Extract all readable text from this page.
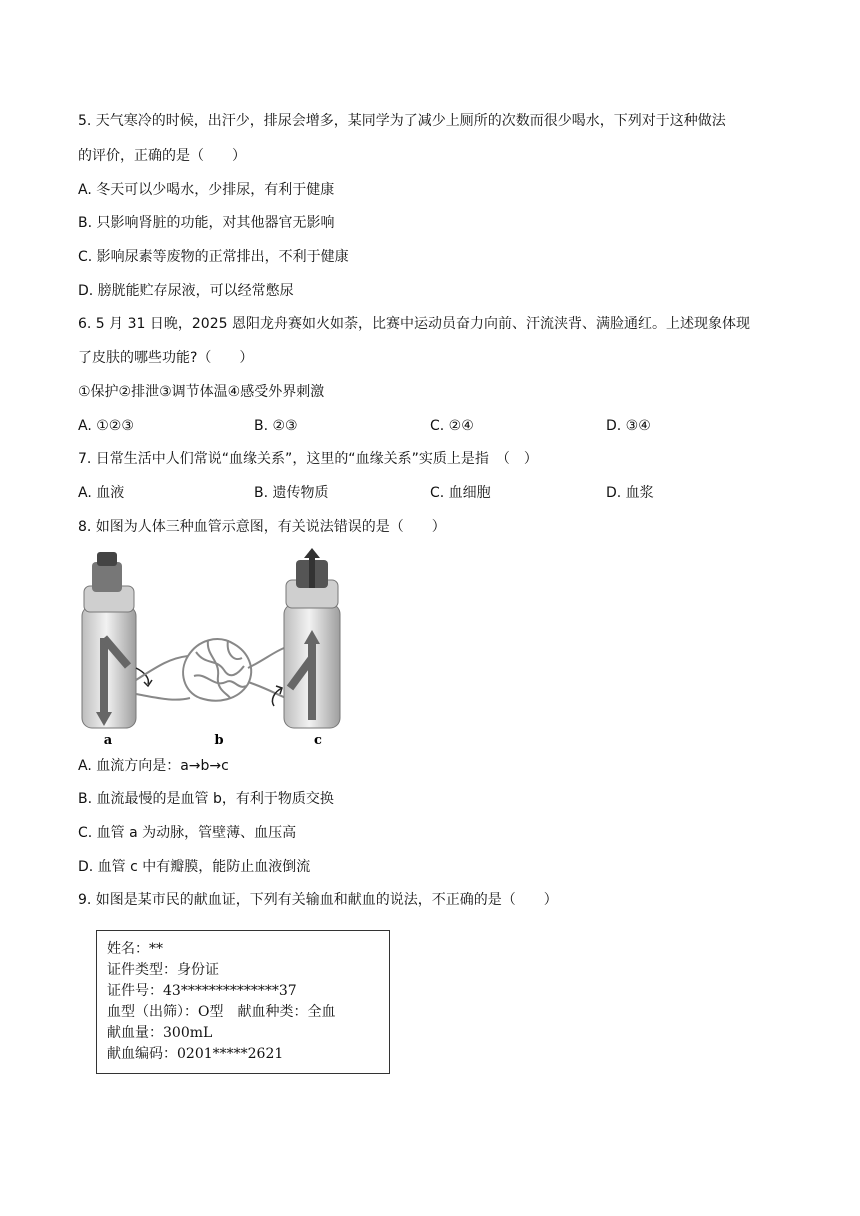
5. 天气寒冷的时候，出汗少，排尿会增多，某同学为了减少上厕所的次数而很少喝水，下列对于这种做法
的评价，正确的是（　　）
A. 冬天可以少喝水，少排尿，有利于健康
B. 只影响肾脏的功能，对其他器官无影响
C. 影响尿素等废物的正常排出，不利于健康
D. 膀胱能贮存尿液，可以经常憋尿
6. 5 月 31 日晚，2025 恩阳龙舟赛如火如荼，比赛中运动员奋力向前、汗流浃背、满脸通红。上述现象体现
了皮肤的哪些功能?（　　）
①保护②排泄③调节体温④感受外界刺激
A. ①②③	B. ②③	C. ②④	D. ③④
7. 日常生活中人们常说“血缘关系”，这里的“血缘关系”实质上是指　（　）
A. 血液	B. 遗传物质	C. 血细胞	D. 血浆
8. 如图为人体三种血管示意图，有关说法错误的是（　　）
a	b	c
A. 血流方向是：a→b→c
B. 血流最慢的是血管 b，有利于物质交换
C. 血管 a 为动脉，管壁薄、血压高
D. 血管 c 中有瓣膜，能防止血液倒流
9. 如图是某市民的献血证，下列有关输血和献血的说法，不正确的是（　　）
姓名：**
证件类型：身份证
证件号：43**************37
血型（出筛）：O型　献血种类：全血
献血量：300mL
献血编码：0201*****2621
